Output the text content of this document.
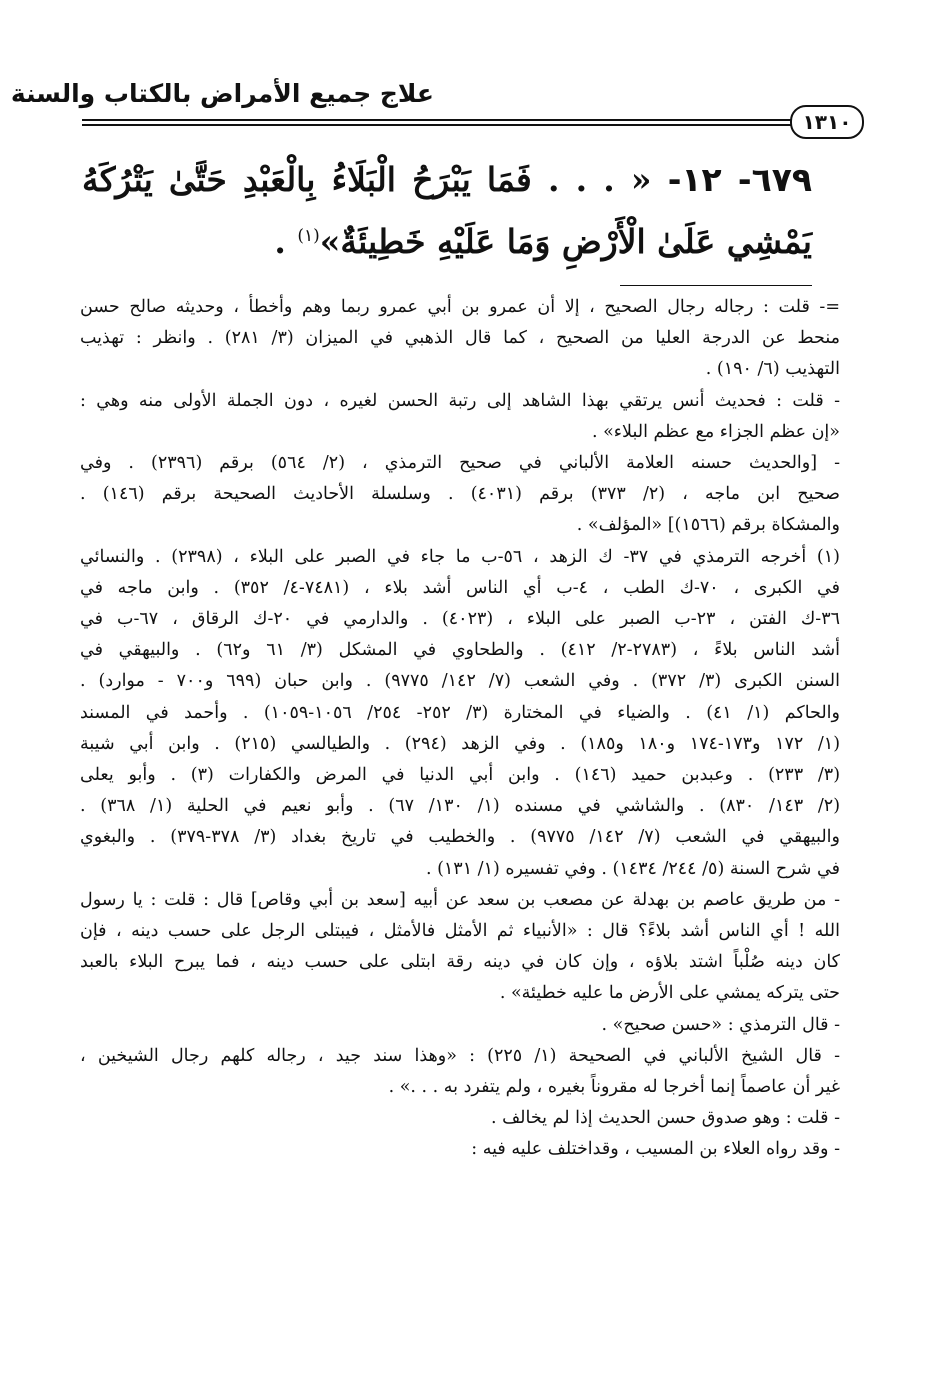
علاج جميع الأمراض بالكتاب والسنة
١٣١٠
٦٧٩- ١٢- « . . . فَمَا يَبْرَحُ الْبَلَاءُ بِالْعَبْدِ حَتَّىٰ يَتْرُكَهُ يَمْشِي عَلَىٰ الْأَرْضِ وَمَا عَلَيْهِ خَطِيئَةٌ»$^{(١)}$ .
=- قلت : رجاله رجال الصحيح ، إلا أن عمرو بن أبي عمرو ربما وهم وأخطأ ، وحديثه صالح حسن
منحط عن الدرجة العليا من الصحيح ، كما قال الذهبي في الميزان (٣/ ٢٨١) . وانظر : تهذيب
التهذيب (٦/ ١٩٠) .
- قلت : فحديث أنس يرتقي بهذا الشاهد إلى رتبة الحسن لغيره ، دون الجملة الأولى منه وهي :
«إن عظم الجزاء مع عظم البلاء» .
- [والحديث حسنه العلامة الألباني في صحيح الترمذي ، (٢/ ٥٦٤) برقم (٢٣٩٦) . وفي
صحيح ابن ماجه ، (٢/ ٣٧٣) برقم (٤٠٣١) . وسلسلة الأحاديث الصحيحة برقم (١٤٦) .
والمشكاة برقم (١٥٦٦)] «المؤلف» .
(١) أخرجه الترمذي في ٣٧- ك الزهد ، ٥٦-ب ما جاء في الصبر على البلاء ، (٢٣٩٨) . والنسائي
في الكبرى ، ٧٠-ك الطب ، ٤-ب أي الناس أشد بلاء ، (٧٤٨١-٤/ ٣٥٢) . وابن ماجه في
٣٦-ك الفتن ، ٢٣-ب الصبر على البلاء ، (٤٠٢٣) . والدارمي في ٢٠-ك الرقاق ، ٦٧-ب في
أشد الناس بلاءً ، (٢٧٨٣-٢/ ٤١٢) . والطحاوي في المشكل (٣/ ٦١ و٦٢) . والبيهقي في
السنن الكبرى (٣/ ٣٧٢) . وفي الشعب (٧/ ١٤٢/ ٩٧٧٥) . وابن حبان (٦٩٩ و٧٠٠ - موارد) .
والحاكم (١/ ٤١) . والضياء في المختارة (٣/ ٢٥٢- ٢٥٤/ ١٠٥٦-١٠٥٩) . وأحمد في المسند
(١/ ١٧٢ و١٧٣-١٧٤ و١٨٠ و١٨٥) . وفي الزهد (٢٩٤) . والطيالسي (٢١٥) . وابن أبي شيبة
(٣/ ٢٣٣) . وعبدبن حميد (١٤٦) . وابن أبي الدنيا في المرض والكفارات (٣) . وأبو يعلى
(٢/ ١٤٣/ ٨٣٠) . والشاشي في مسنده (١/ ١٣٠/ ٦٧) . وأبو نعيم في الحلية (١/ ٣٦٨) .
والبيهقي في الشعب (٧/ ١٤٢/ ٩٧٧٥) . والخطيب في تاريخ بغداد (٣/ ٣٧٨-٣٧٩) . والبغوي
في شرح السنة (٥/ ٢٤٤/ ١٤٣٤) . وفي تفسيره (١/ ١٣١) .
- من طريق عاصم بن بهدلة عن مصعب بن سعد عن أبيه [سعد بن أبي وقاص] قال : قلت : يا رسول
الله ! أي الناس أشد بلاءً؟ قال : «الأنبياء ثم الأمثل فالأمثل ، فيبتلى الرجل على حسب دينه ، فإن
كان دينه صُلْباً اشتد بلاؤه ، وإن كان في دينه رقة ابتلى على حسب دينه ، فما يبرح البلاء بالعبد
حتى يتركه يمشي على الأرض ما عليه خطيئة» .
- قال الترمذي : «حسن صحيح» .
- قال الشيخ الألباني في الصحيحة (١/ ٢٢٥) : «وهذا سند جيد ، رجاله كلهم رجال الشيخين ،
غير أن عاصماً إنما أخرجا له مقروناً بغيره ، ولم يتفرد به . . .» .
- قلت : وهو صدوق حسن الحديث إذا لم يخالف .
- وقد رواه العلاء بن المسيب ، وقداختلف عليه فيه :
